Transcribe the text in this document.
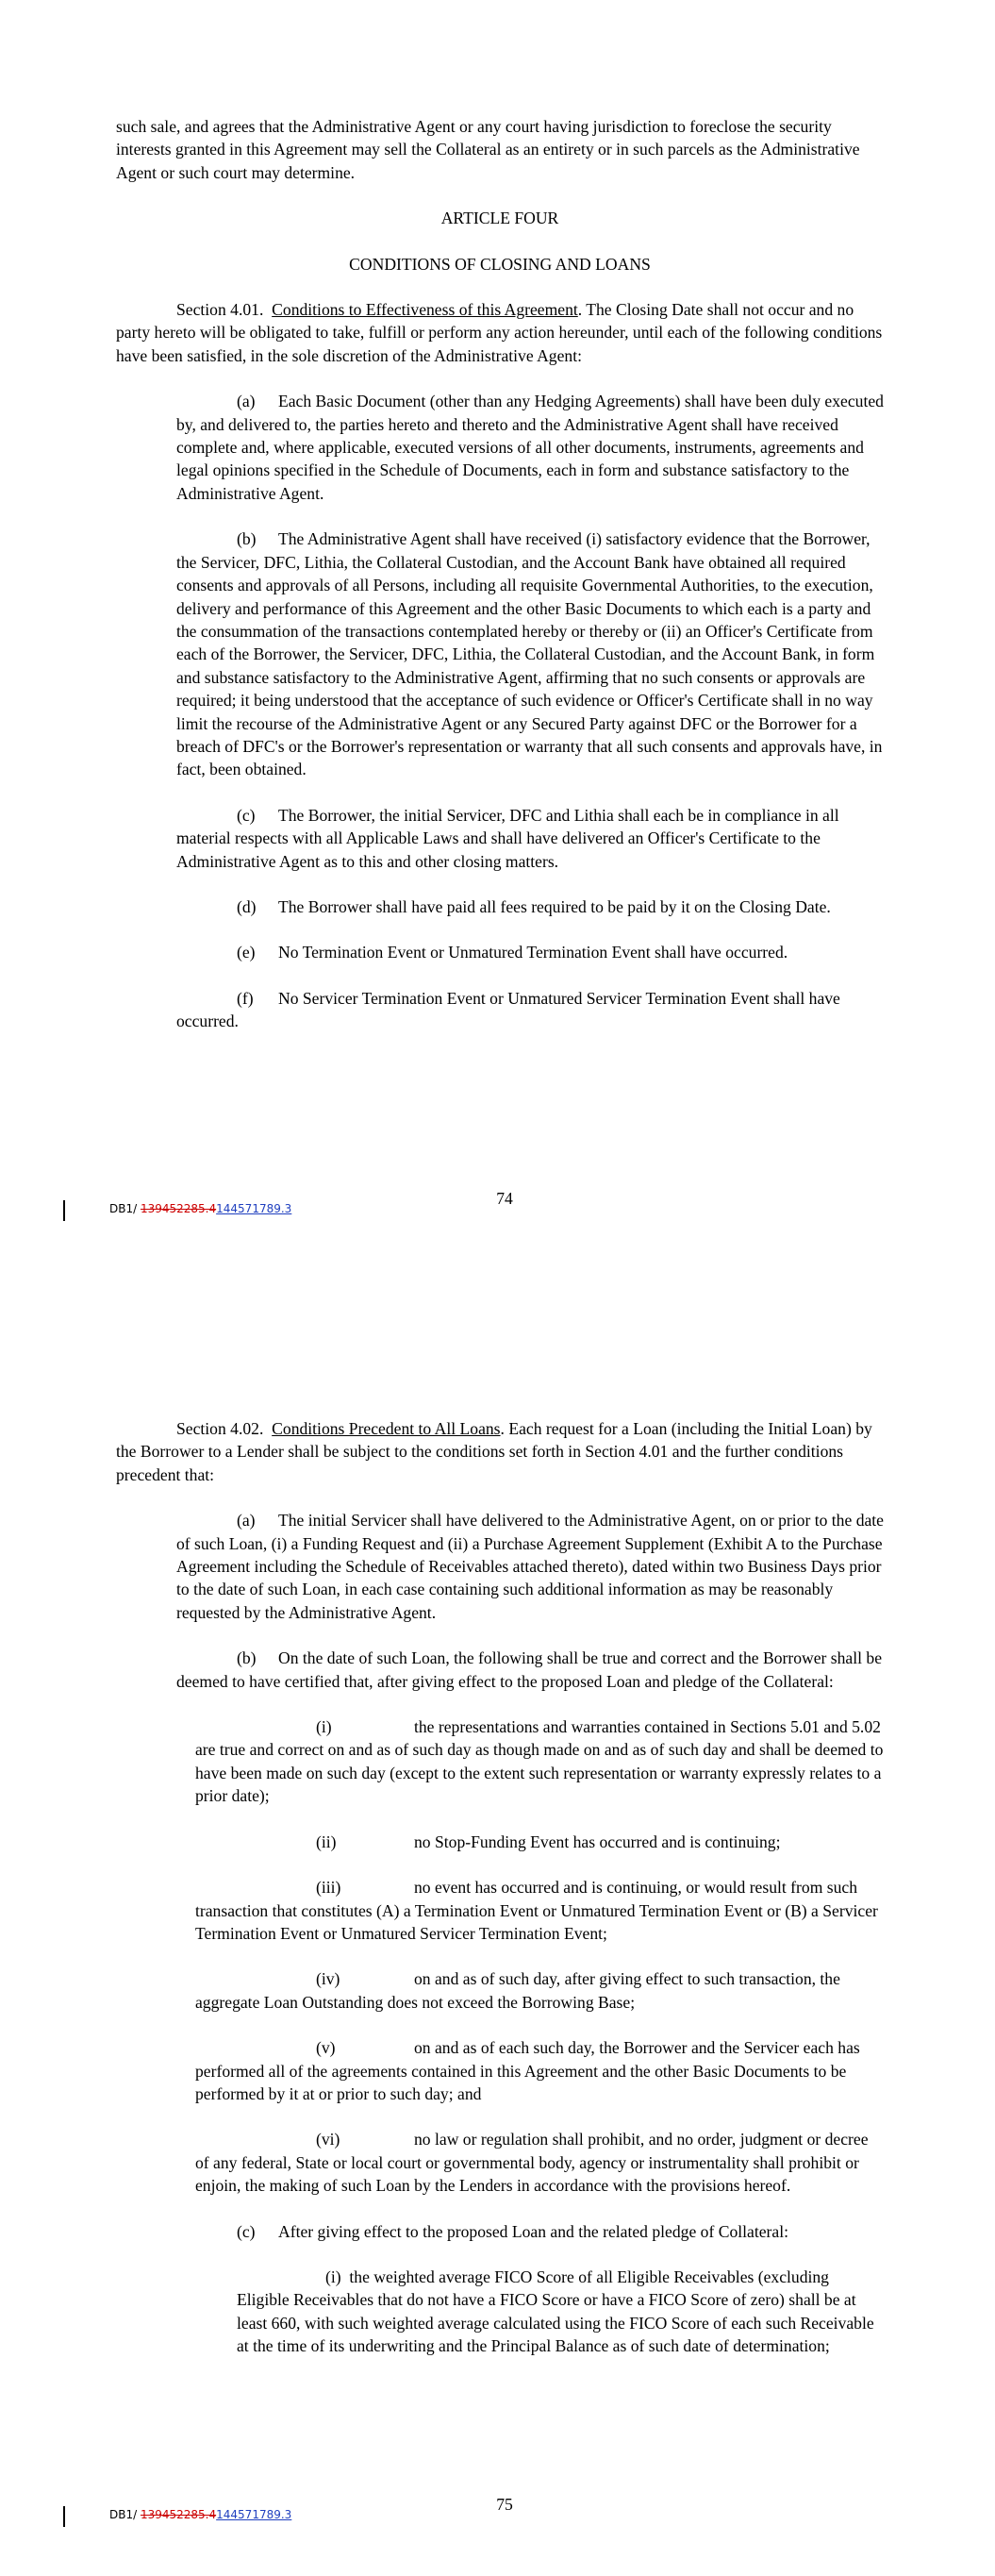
such sale, and agrees that the Administrative Agent or any court having jurisdiction to foreclose the security interests granted in this Agreement may sell the Collateral as an entirety or in such parcels as the Administrative Agent or such court may determine.

ARTICLE FOUR

CONDITIONS OF CLOSING AND LOANS

Section 4.01. Conditions to Effectiveness of this Agreement. The Closing Date shall not occur and no party hereto will be obligated to take, fulfill or perform any action hereunder, until each of the following conditions have been satisfied, in the sole discretion of the Administrative Agent:

(a) Each Basic Document (other than any Hedging Agreements) shall have been duly executed by, and delivered to, the parties hereto and thereto and the Administrative Agent shall have received complete and, where applicable, executed versions of all other documents, instruments, agreements and legal opinions specified in the Schedule of Documents, each in form and substance satisfactory to the Administrative Agent.

(b) The Administrative Agent shall have received (i) satisfactory evidence that the Borrower, the Servicer, DFC, Lithia, the Collateral Custodian, and the Account Bank have obtained all required consents and approvals of all Persons, including all requisite Governmental Authorities, to the execution, delivery and performance of this Agreement and the other Basic Documents to which each is a party and the consummation of the transactions contemplated hereby or thereby or (ii) an Officer's Certificate from each of the Borrower, the Servicer, DFC, Lithia, the Collateral Custodian, and the Account Bank, in form and substance satisfactory to the Administrative Agent, affirming that no such consents or approvals are required; it being understood that the acceptance of such evidence or Officer's Certificate shall in no way limit the recourse of the Administrative Agent or any Secured Party against DFC or the Borrower for a breach of DFC's or the Borrower's representation or warranty that all such consents and approvals have, in fact, been obtained.

(c) The Borrower, the initial Servicer, DFC and Lithia shall each be in compliance in all material respects with all Applicable Laws and shall have delivered an Officer's Certificate to the Administrative Agent as to this and other closing matters.

(d) The Borrower shall have paid all fees required to be paid by it on the Closing Date.

(e) No Termination Event or Unmatured Termination Event shall have occurred.

(f) No Servicer Termination Event or Unmatured Servicer Termination Event shall have occurred.

DB1/ 139452285.4144571789.3
74

Section 4.02. Conditions Precedent to All Loans. Each request for a Loan (including the Initial Loan) by the Borrower to a Lender shall be subject to the conditions set forth in Section 4.01 and the further conditions precedent that:

(a) The initial Servicer shall have delivered to the Administrative Agent, on or prior to the date of such Loan, (i) a Funding Request and (ii) a Purchase Agreement Supplement (Exhibit A to the Purchase Agreement including the Schedule of Receivables attached thereto), dated within two Business Days prior to the date of such Loan, in each case containing such additional information as may be reasonably requested by the Administrative Agent.

(b) On the date of such Loan, the following shall be true and correct and the Borrower shall be deemed to have certified that, after giving effect to the proposed Loan and pledge of the Collateral:

(i)	the representations and warranties contained in Sections 5.01 and 5.02 are true and correct on and as of such day as though made on and as of such day and shall be deemed to have been made on such day (except to the extent such representation or warranty expressly relates to a prior date);

(ii)	no Stop-Funding Event has occurred and is continuing;

(iii)	no event has occurred and is continuing, or would result from such transaction that constitutes (A) a Termination Event or Unmatured Termination Event or (B) a Servicer Termination Event or Unmatured Servicer Termination Event;

(iv)	on and as of such day, after giving effect to such transaction, the aggregate Loan Outstanding does not exceed the Borrowing Base;

(v)	on and as of each such day, the Borrower and the Servicer each has performed all of the agreements contained in this Agreement and the other Basic Documents to be performed by it at or prior to such day; and

(vi)	no law or regulation shall prohibit, and no order, judgment or decree of any federal, State or local court or governmental body, agency or instrumentality shall prohibit or enjoin, the making of such Loan by the Lenders in accordance with the provisions hereof.

(c) After giving effect to the proposed Loan and the related pledge of Collateral:

(i) the weighted average FICO Score of all Eligible Receivables (excluding Eligible Receivables that do not have a FICO Score or have a FICO Score of zero) shall be at least 660, with such weighted average calculated using the FICO Score of each such Receivable at the time of its underwriting and the Principal Balance as of such date of determination;

DB1/ 139452285.4144571789.3
75
